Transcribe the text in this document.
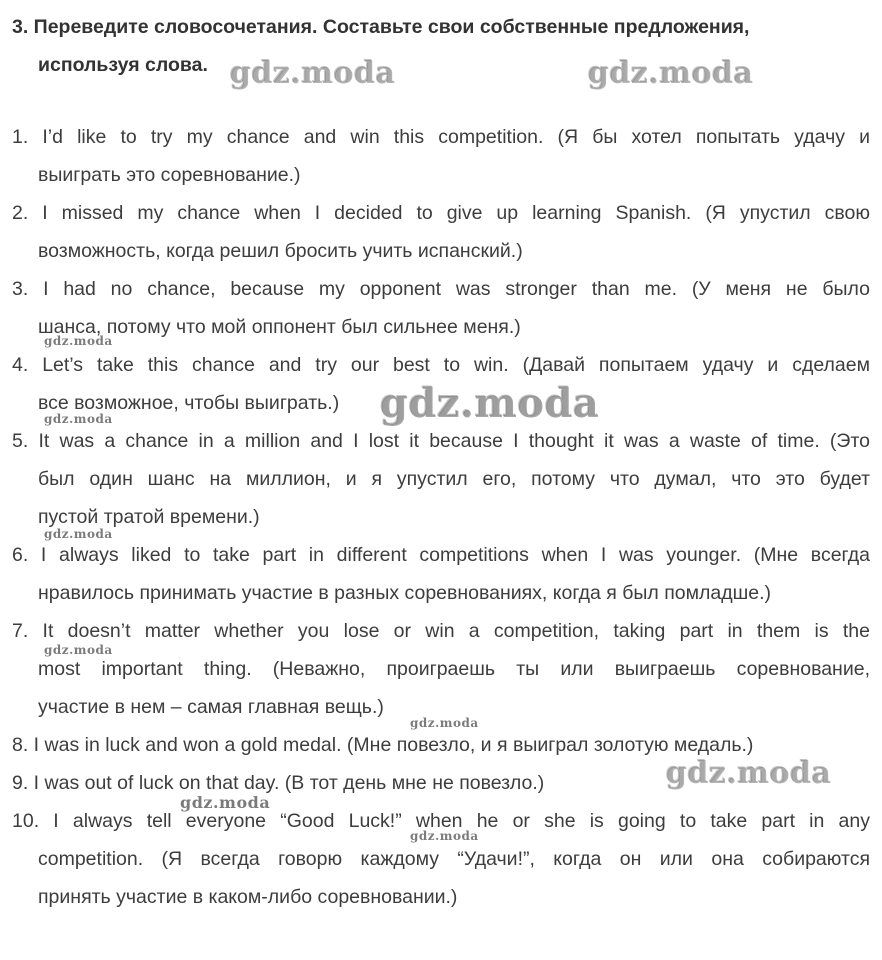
3. Переведите словосочетания. Составьте свои собственные предложения,
используя слова.
1. I’d like to try my chance and win this competition. (Я бы хотел попытать удачу и
выиграть это соревнование.)
2. I missed my chance when I decided to give up learning Spanish. (Я упустил свою
возможность, когда решил бросить учить испанский.)
3. I had no chance, because my opponent was stronger than me. (У меня не было
шанса, потому что мой оппонент был сильнее меня.)
4. Let’s take this chance and try our best to win. (Давай попытаем удачу и сделаем
все возможное, чтобы выиграть.)
5. It was a chance in a million and I lost it because I thought it was a waste of time. (Это
был один шанс на миллион, и я упустил его, потому что думал, что это будет
пустой тратой времени.)
6. I always liked to take part in different competitions when I was younger. (Мне всегда
нравилось принимать участие в разных соревнованиях, когда я был помладше.)
7. It doesn’t matter whether you lose or win a competition, taking part in them is the
most important thing. (Неважно, проиграешь ты или выиграешь соревнование,
участие в нем – самая главная вещь.)
8. I was in luck and won a gold medal. (Мне повезло, и я выиграл золотую медаль.)
9. I was out of luck on that day. (В тот день мне не повезло.)
10. I always tell everyone “Good Luck!” when he or she is going to take part in any
competition. (Я всегда говорю каждому “Удачи!”, когда он или она собираются
принять участие в каком-либо соревновании.)
gdz.moda	gdz.moda
gdz.moda
gdz.moda	gdz.moda
gdz.moda
gdz.moda
gdz.moda
gdz.moda
gdz.moda
gdz.moda
